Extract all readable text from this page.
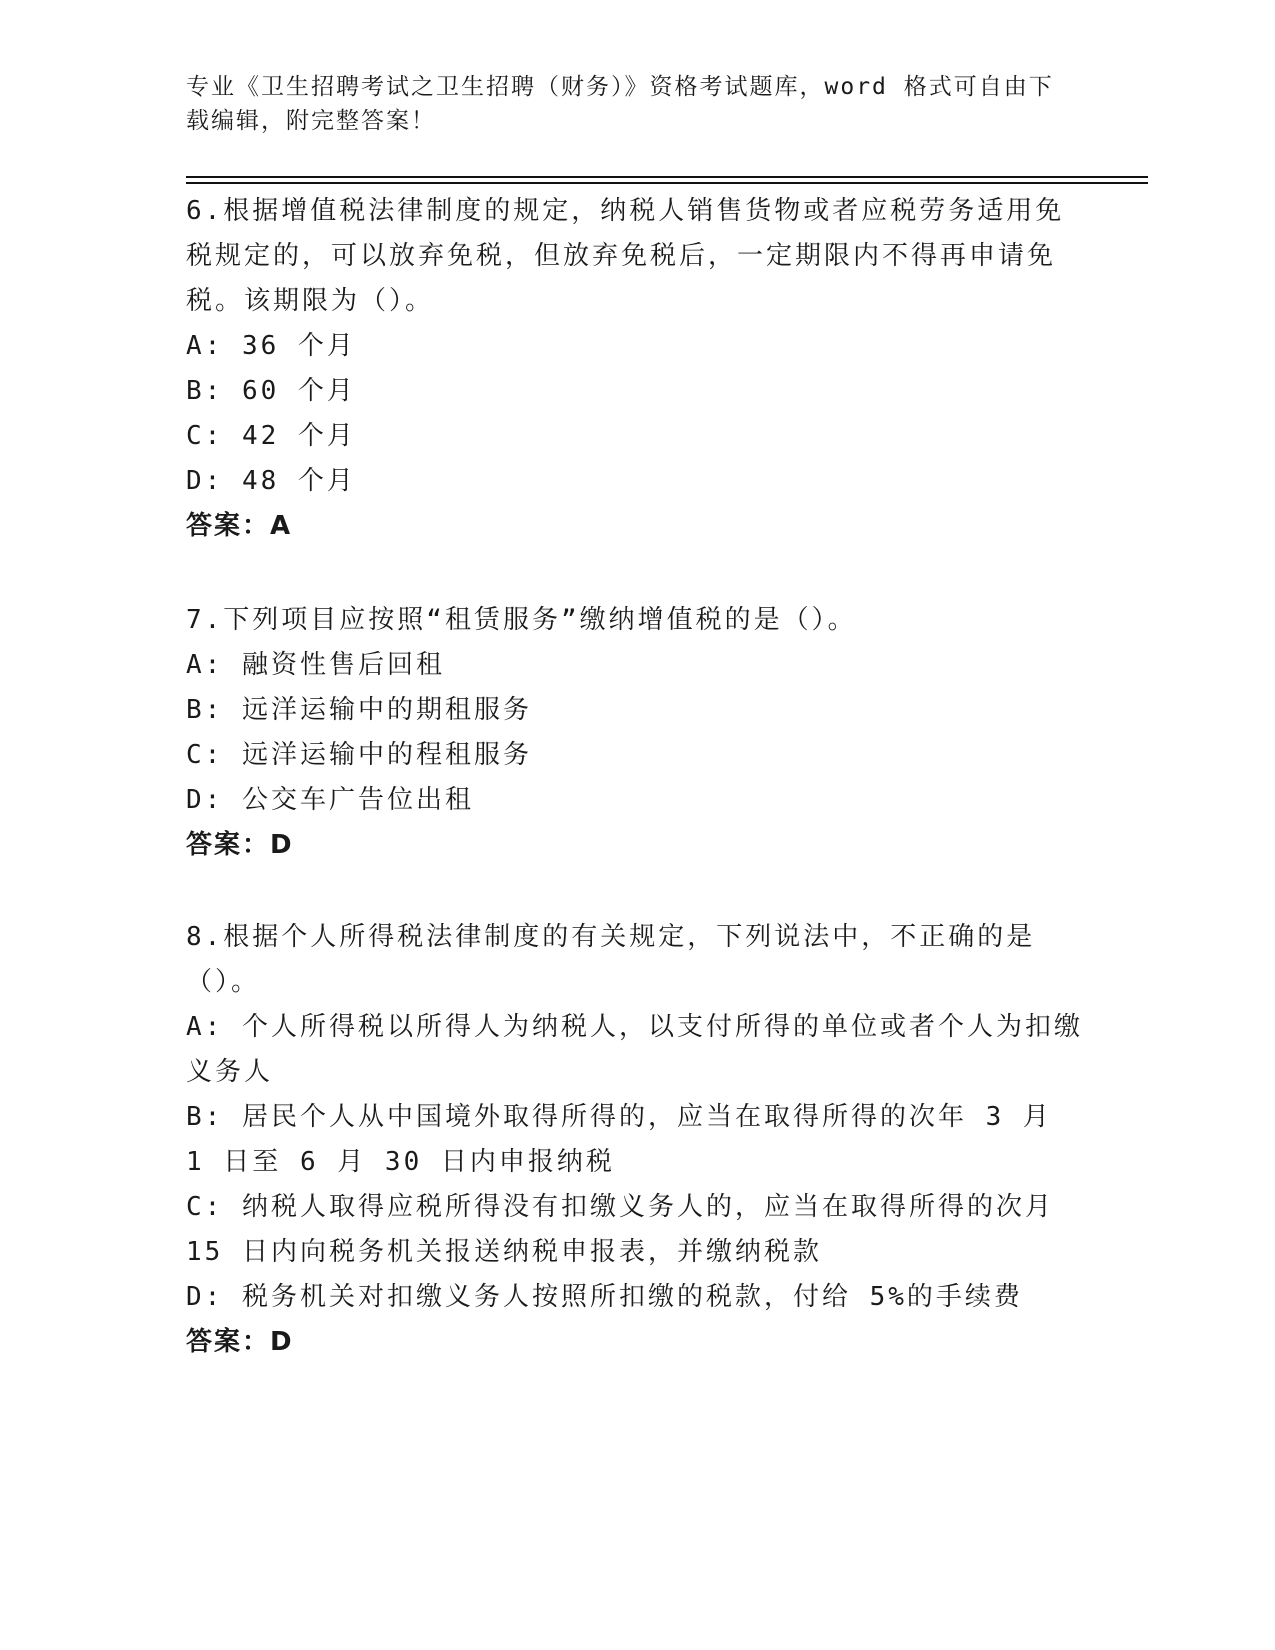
专业《卫生招聘考试之卫生招聘（财务）》资格考试题库，word 格式可自由下载编辑，附完整答案！

6.根据增值税法律制度的规定，纳税人销售货物或者应税劳务适用免税规定的，可以放弃免税，但放弃免税后，一定期限内不得再申请免税。该期限为（）。

A: 36 个月

B: 60 个月

C: 42 个月

D: 48 个月

答案：A

7.下列项目应按照“租赁服务”缴纳增值税的是（）。

A: 融资性售后回租

B: 远洋运输中的期租服务

C: 远洋运输中的程租服务

D: 公交车广告位出租

答案：D

8.根据个人所得税法律制度的有关规定，下列说法中，不正确的是（）。

A: 个人所得税以所得人为纳税人，以支付所得的单位或者个人为扣缴义务人

B: 居民个人从中国境外取得所得的，应当在取得所得的次年 3 月 1 日至 6 月 30 日内申报纳税

C: 纳税人取得应税所得没有扣缴义务人的，应当在取得所得的次月 15 日内向税务机关报送纳税申报表，并缴纳税款

D: 税务机关对扣缴义务人按照所扣缴的税款，付给 5%的手续费

答案：D
